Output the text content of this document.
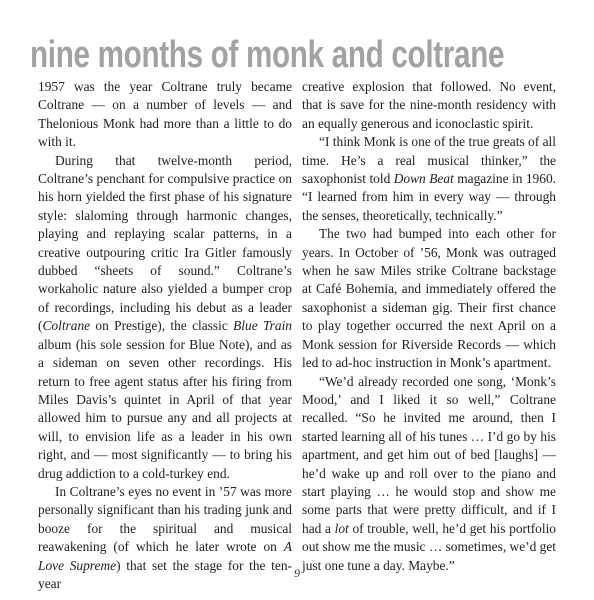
nine months of monk and coltrane

1957 was the year Coltrane truly became Coltrane — on a number of levels — and Thelonious Monk had more than a little to do with it.

During that twelve-month period, Coltrane’s penchant for compulsive practice on his horn yielded the first phase of his signature style: slaloming through harmonic changes, playing and replaying scalar patterns, in a creative outpouring critic Ira Gitler famously dubbed “sheets of sound.” Coltrane’s workaholic nature also yielded a bumper crop of recordings, including his debut as a leader (Coltrane on Prestige), the classic Blue Train album (his sole session for Blue Note), and as a sideman on seven other recordings. His return to free agent status after his firing from Miles Davis’s quintet in April of that year allowed him to pursue any and all projects at will, to envision life as a leader in his own right, and — most significantly — to bring his drug addiction to a cold-turkey end.

In Coltrane’s eyes no event in ’57 was more personally significant than his trading junk and booze for the spiritual and musical reawakening (of which he later wrote on A Love Supreme) that set the stage for the ten-year

creative explosion that followed. No event, that is save for the nine-month residency with an equally generous and iconoclastic spirit.

“I think Monk is one of the true greats of all time. He’s a real musical thinker,” the saxophonist told Down Beat magazine in 1960. “I learned from him in every way — through the senses, theoretically, technically.”

The two had bumped into each other for years. In October of ’56, Monk was outraged when he saw Miles strike Coltrane backstage at Café Bohemia, and immediately offered the saxophonist a sideman gig. Their first chance to play together occurred the next April on a Monk session for Riverside Records — which led to ad-hoc instruction in Monk’s apartment.

“We’d already recorded one song, ‘Monk’s Mood,’ and I liked it so well,” Coltrane recalled. “So he invited me around, then I started learning all of his tunes … I’d go by his apartment, and get him out of bed [laughs] — he’d wake up and roll over to the piano and start playing … he would stop and show me some parts that were pretty difficult, and if I had a lot of trouble, well, he’d get his portfolio out show me the music … sometimes, we’d get just one tune a day. Maybe.”

9
